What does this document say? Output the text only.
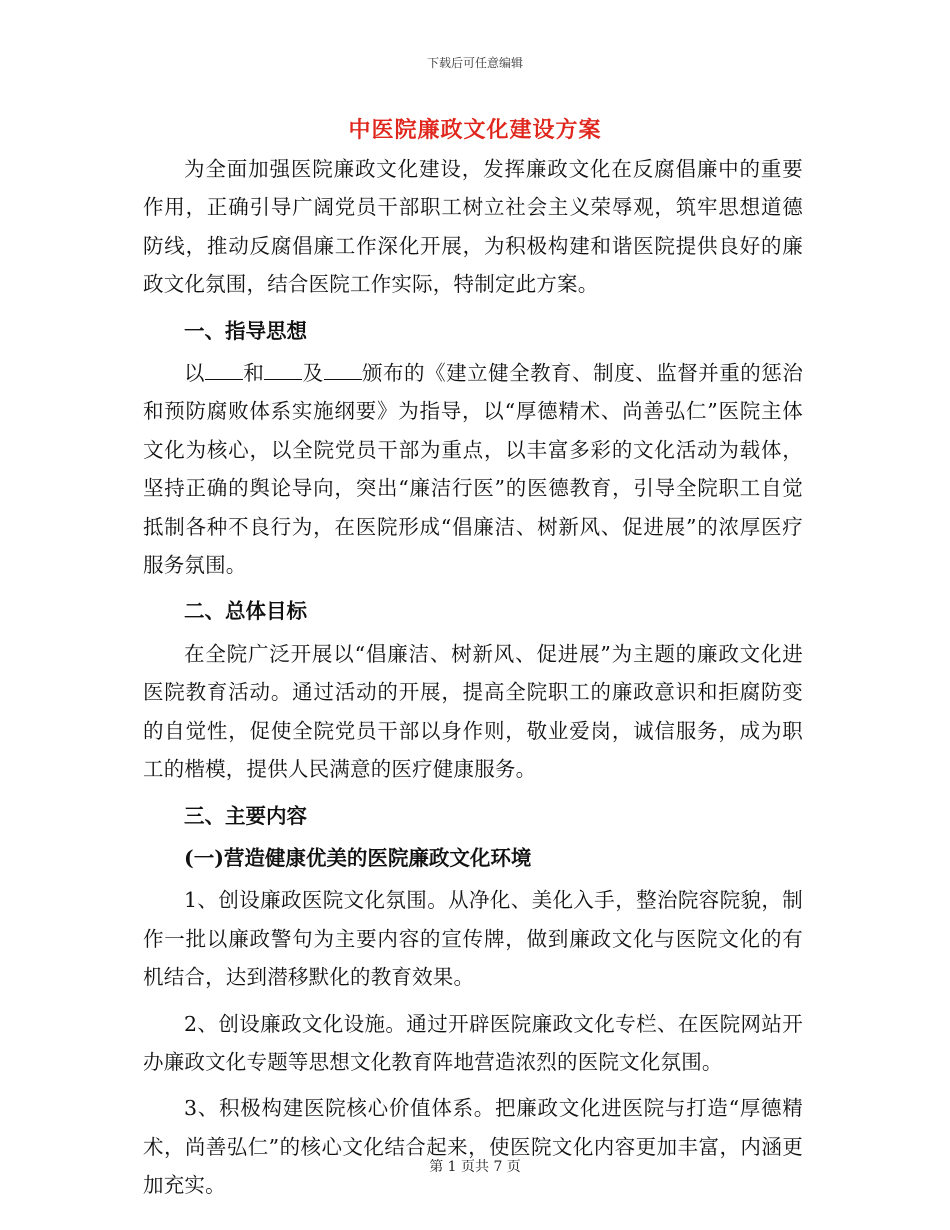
下载后可任意编辑
中医院廉政文化建设方案

为全面加强医院廉政文化建设，发挥廉政文化在反腐倡廉中的重要作用，正确引导广阔党员干部职工树立社会主义荣辱观，筑牢思想道德防线，推动反腐倡廉工作深化开展，为积极构建和谐医院提供良好的廉政文化氛围，结合医院工作实际，特制定此方案。

一、指导思想

以 和 及 颁布的《建立健全教育、制度、监督并重的惩治和预防腐败体系实施纲要》为指导，以“厚德精术、尚善弘仁”医院主体文化为核心，以全院党员干部为重点，以丰富多彩的文化活动为载体，坚持正确的舆论导向，突出“廉洁行医”的医德教育，引导全院职工自觉抵制各种不良行为，在医院形成“倡廉洁、树新风、促进展”的浓厚医疗服务氛围。

二、总体目标

在全院广泛开展以“倡廉洁、树新风、促进展”为主题的廉政文化进医院教育活动。通过活动的开展，提高全院职工的廉政意识和拒腐防变的自觉性，促使全院党员干部以身作则，敬业爱岗，诚信服务，成为职工的楷模，提供人民满意的医疗健康服务。

三、主要内容

(一)营造健康优美的医院廉政文化环境

1、创设廉政医院文化氛围。从净化、美化入手，整治院容院貌，制作一批以廉政警句为主要内容的宣传牌，做到廉政文化与医院文化的有机结合，达到潜移默化的教育效果。

2、创设廉政文化设施。通过开辟医院廉政文化专栏、在医院网站开办廉政文化专题等思想文化教育阵地营造浓烈的医院文化氛围。

3、积极构建医院核心价值体系。把廉政文化进医院与打造“厚德精术，尚善弘仁”的核心文化结合起来，使医院文化内容更加丰富，内涵更加充实。

第 1 页共 7 页
